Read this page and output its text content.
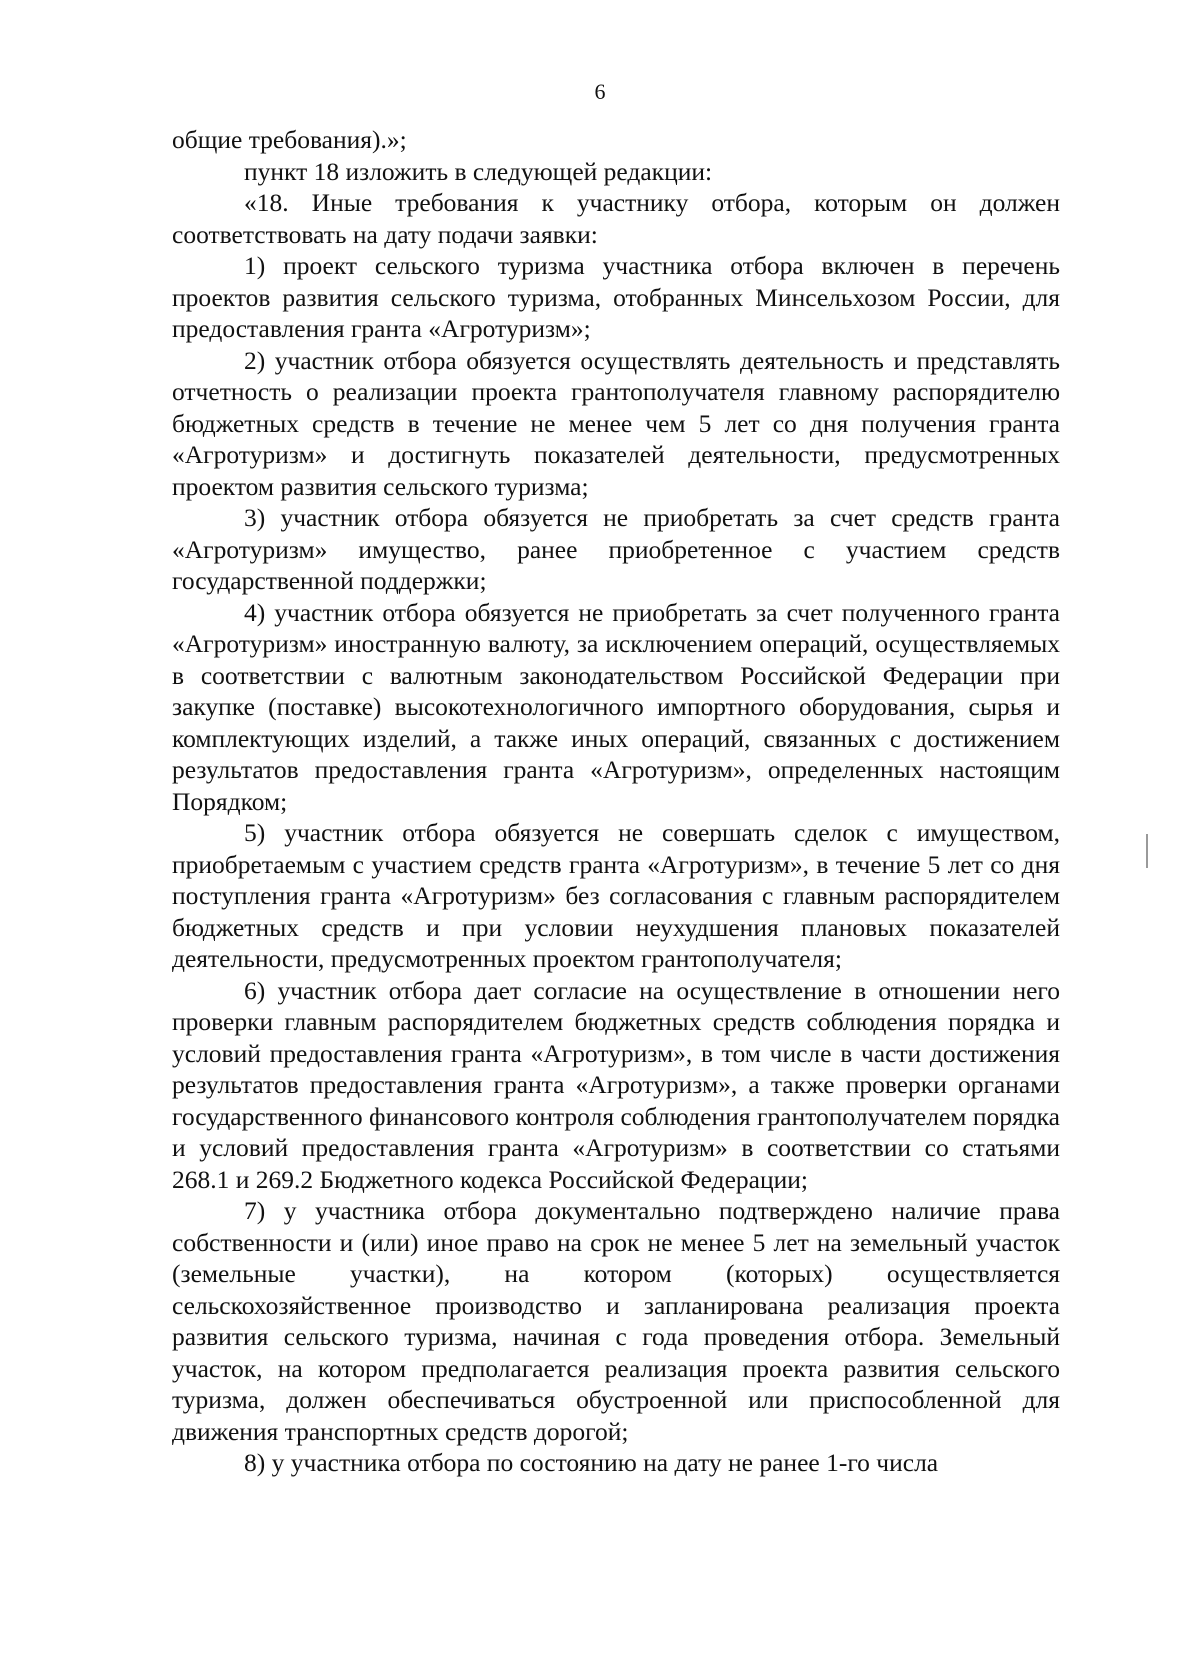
6

общие требования).»;

пункт 18 изложить в следующей редакции:

«18. Иные требования к участнику отбора, которым он должен соответствовать на дату подачи заявки:

1) проект сельского туризма участника отбора включен в перечень проектов развития сельского туризма, отобранных Минсельхозом России, для предоставления гранта «Агротуризм»;

2) участник отбора обязуется осуществлять деятельность и представлять отчетность о реализации проекта грантополучателя главному распорядителю бюджетных средств в течение не менее чем 5 лет со дня получения гранта «Агротуризм» и достигнуть показателей деятельности, предусмотренных проектом развития сельского туризма;

3) участник отбора обязуется не приобретать за счет средств гранта «Агротуризм» имущество, ранее приобретенное с участием средств государственной поддержки;

4) участник отбора обязуется не приобретать за счет полученного гранта «Агротуризм» иностранную валюту, за исключением операций, осуществляемых в соответствии с валютным законодательством Российской Федерации при закупке (поставке) высокотехнологичного импортного оборудования, сырья и комплектующих изделий, а также иных операций, связанных с достижением результатов предоставления гранта «Агротуризм», определенных настоящим Порядком;

5) участник отбора обязуется не совершать сделок с имуществом, приобретаемым с участием средств гранта «Агротуризм», в течение 5 лет со дня поступления гранта «Агротуризм» без согласования с главным распорядителем бюджетных средств и при условии неухудшения плановых показателей деятельности, предусмотренных проектом грантополучателя;

6) участник отбора дает согласие на осуществление в отношении него проверки главным распорядителем бюджетных средств соблюдения порядка и условий предоставления гранта «Агротуризм», в том числе в части достижения результатов предоставления гранта «Агротуризм», а также проверки органами государственного финансового контроля соблюдения грантополучателем порядка и условий предоставления гранта «Агротуризм» в соответствии со статьями 268.1 и 269.2 Бюджетного кодекса Российской Федерации;

7) у участника отбора документально подтверждено наличие права собственности и (или) иное право на срок не менее 5 лет на земельный участок (земельные участки), на котором (которых) осуществляется сельскохозяйственное производство и запланирована реализация проекта развития сельского туризма, начиная с года проведения отбора. Земельный участок, на котором предполагается реализация проекта развития сельского туризма, должен обеспечиваться обустроенной или приспособленной для движения транспортных средств дорогой;

8) у участника отбора по состоянию на дату не ранее 1-го числа
